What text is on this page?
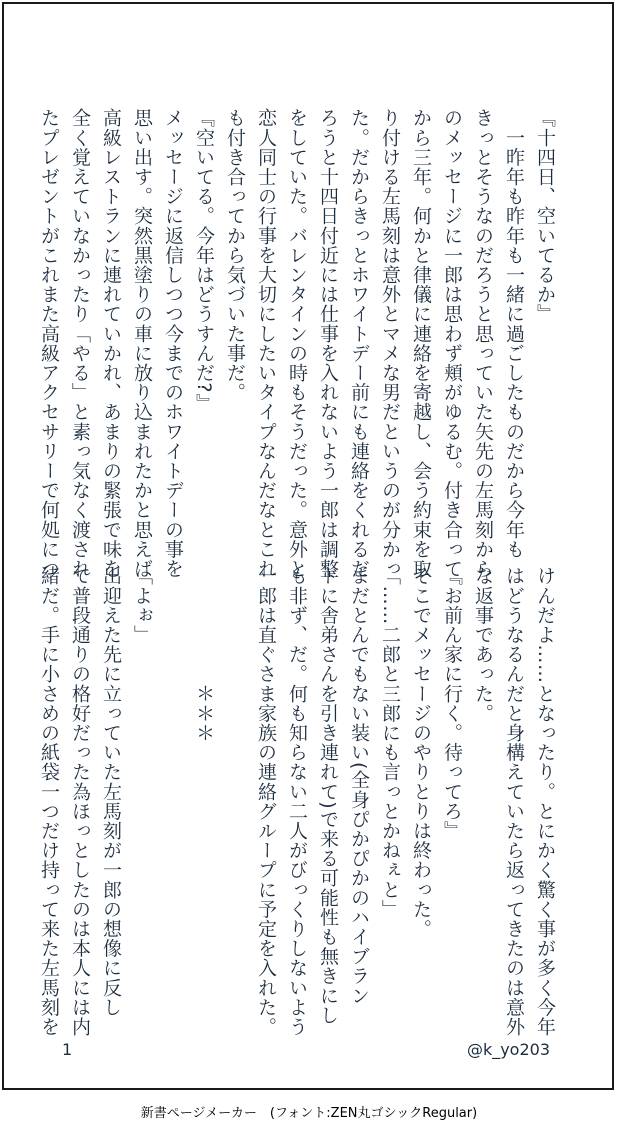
『十四日、空いてるか』

　一昨年も昨年も一緒に過ごしたものだから今年も

きっとそうなのだろうと思っていた矢先の左馬刻から

のメッセージに一郎は思わず頬がゆるむ。付き合って

から三年。何かと律儀に連絡を寄越し、会う約束を取

り付ける左馬刻は意外とマメな男だというのが分かっ

た。だからきっとホワイトデー前にも連絡をくれるだ

ろうと十四日付近には仕事を入れないよう一郎は調整

をしていた。バレンタインの時もそうだった。意外と

恋人同士の行事を大切にしたいタイプなんだなとこれ

も付き合ってから気づいた事だ。

『空いてる。今年はどうすんだ?』

メッセージに返信しつつ今までのホワイトデーの事を

思い出す。突然黒塗りの車に放り込まれたかと思えば

高級レストランに連れていかれ、あまりの緊張で味を

全く覚えていなかったり「やる」と素っ気なく渡され

たプレゼントがこれまた高級アクセサリーで何処につ

けんだよ……となったり。とにかく驚く事が多く今年

はどうなるんだと身構えていたら返ってきたのは意外

な返事であった。

『お前ん家に行く。待ってろ』

そこでメッセージのやりとりは終わった。

「……二郎と三郎にも言っとかねぇと」

まだとんでもない装い(全身ぴかぴかのハイブラン

ドに舎弟さんを引き連れて)で来る可能性も無きにし

も非ず、だ。何も知らない二人がびっくりしないよう

一郎は直ぐさま家族の連絡グループに予定を入れた。

　　　　　　＊＊＊

「よぉ」

出迎えた先に立っていた左馬刻が一郎の想像に反し

て普段通りの格好だった為ほっとしたのは本人には内

緒だ。手に小さめの紙袋一つだけ持って来た左馬刻を

1	@k_yo203
新書ページメーカー　(フォント:ZEN丸ゴシックRegular)
